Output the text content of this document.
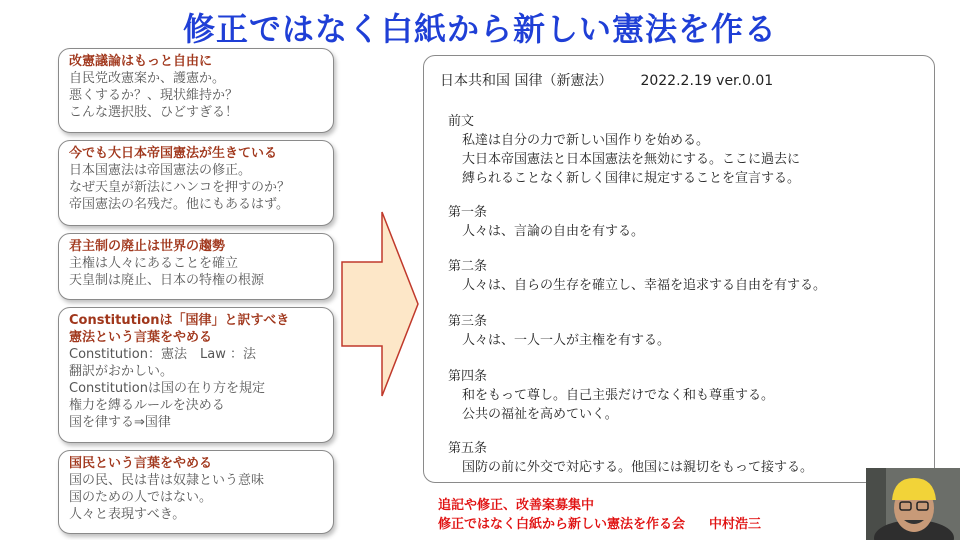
修正ではなく白紙から新しい憲法を作る
改憲議論はもっと自由に
自民党改憲案か、護憲か。
悪くするか？、現状維持か？
こんな選択肢、ひどすぎる！
今でも大日本帝国憲法が生きている
日本国憲法は帝国憲法の修正。
なぜ天皇が新法にハンコを押すのか？
帝国憲法の名残だ。他にもあるはず。
君主制の廃止は世界の趨勢
主権は人々にあることを確立
天皇制は廃止、日本の特権の根源
Constitutionは「国律」と訳すべき
憲法という言葉をやめる
Constitution：憲法　Law ：法
翻訳がおかしい。
Constitutionは国の在り方を規定
権力を縛るルールを決める
国を律する⇒国律
国民という言葉をやめる
国の民、民は昔は奴隷という意味
国のための人ではない。
人々と表現すべき。
日本共和国 国律（新憲法） 2022.2.19 ver.0.01
前文
私達は自分の力で新しい国作りを始める。
大日本帝国憲法と日本国憲法を無効にする。ここに過去に
縛られることなく新しく国律に規定することを宣言する。
第一条
人々は、言論の自由を有する。
第二条
人々は、自らの生存を確立し、幸福を追求する自由を有する。
第三条
人々は、一人一人が主権を有する。
第四条
和をもって尊し。自己主張だけでなく和も尊重する。
公共の福祉を高めていく。
第五条
国防の前に外交で対応する。他国には親切をもって接する。
追記や修正、改善案募集中
修正ではなく白紙から新しい憲法を作る会 中村浩三
